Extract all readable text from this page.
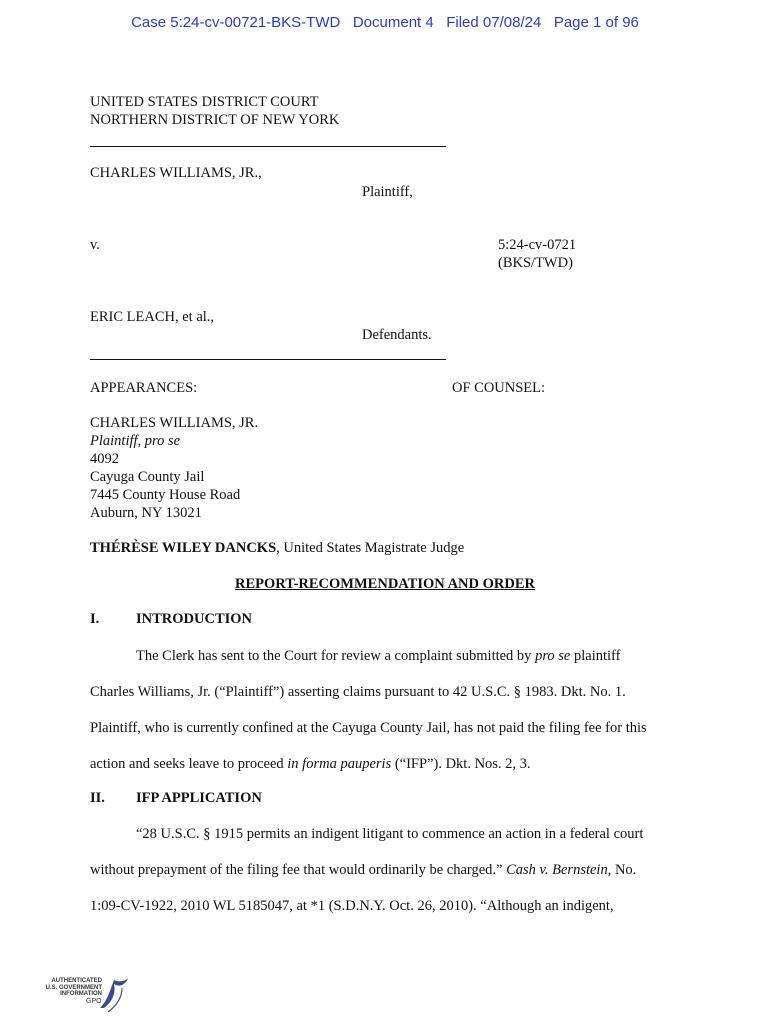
Case 5:24-cv-00721-BKS-TWD Document 4 Filed 07/08/24 Page 1 of 96
UNITED STATES DISTRICT COURT
NORTHERN DISTRICT OF NEW YORK
CHARLES WILLIAMS, JR.,
Plaintiff,
v.	5:24-cv-0721
(BKS/TWD)
ERIC LEACH, et al.,
Defendants.
APPEARANCES:	OF COUNSEL:
CHARLES WILLIAMS, JR.
Plaintiff, pro se
4092
Cayuga County Jail
7445 County House Road
Auburn, NY 13021
THÉRÈSE WILEY DANCKS, United States Magistrate Judge
REPORT-RECOMMENDATION AND ORDER
I.	INTRODUCTION
The Clerk has sent to the Court for review a complaint submitted by pro se plaintiff
Charles Williams, Jr. (“Plaintiff”) asserting claims pursuant to 42 U.S.C. § 1983. Dkt. No. 1.
Plaintiff, who is currently confined at the Cayuga County Jail, has not paid the filing fee for this
action and seeks leave to proceed in forma pauperis (“IFP”). Dkt. Nos. 2, 3.
II. IFP APPLICATION
“28 U.S.C. § 1915 permits an indigent litigant to commence an action in a federal court
without prepayment of the filing fee that would ordinarily be charged.” Cash v. Bernstein, No.
1:09-CV-1922, 2010 WL 5185047, at *1 (S.D.N.Y. Oct. 26, 2010). “Although an indigent,
AUTHENTICATED
U.S. GOVERNMENT
INFORMATION
GPO
